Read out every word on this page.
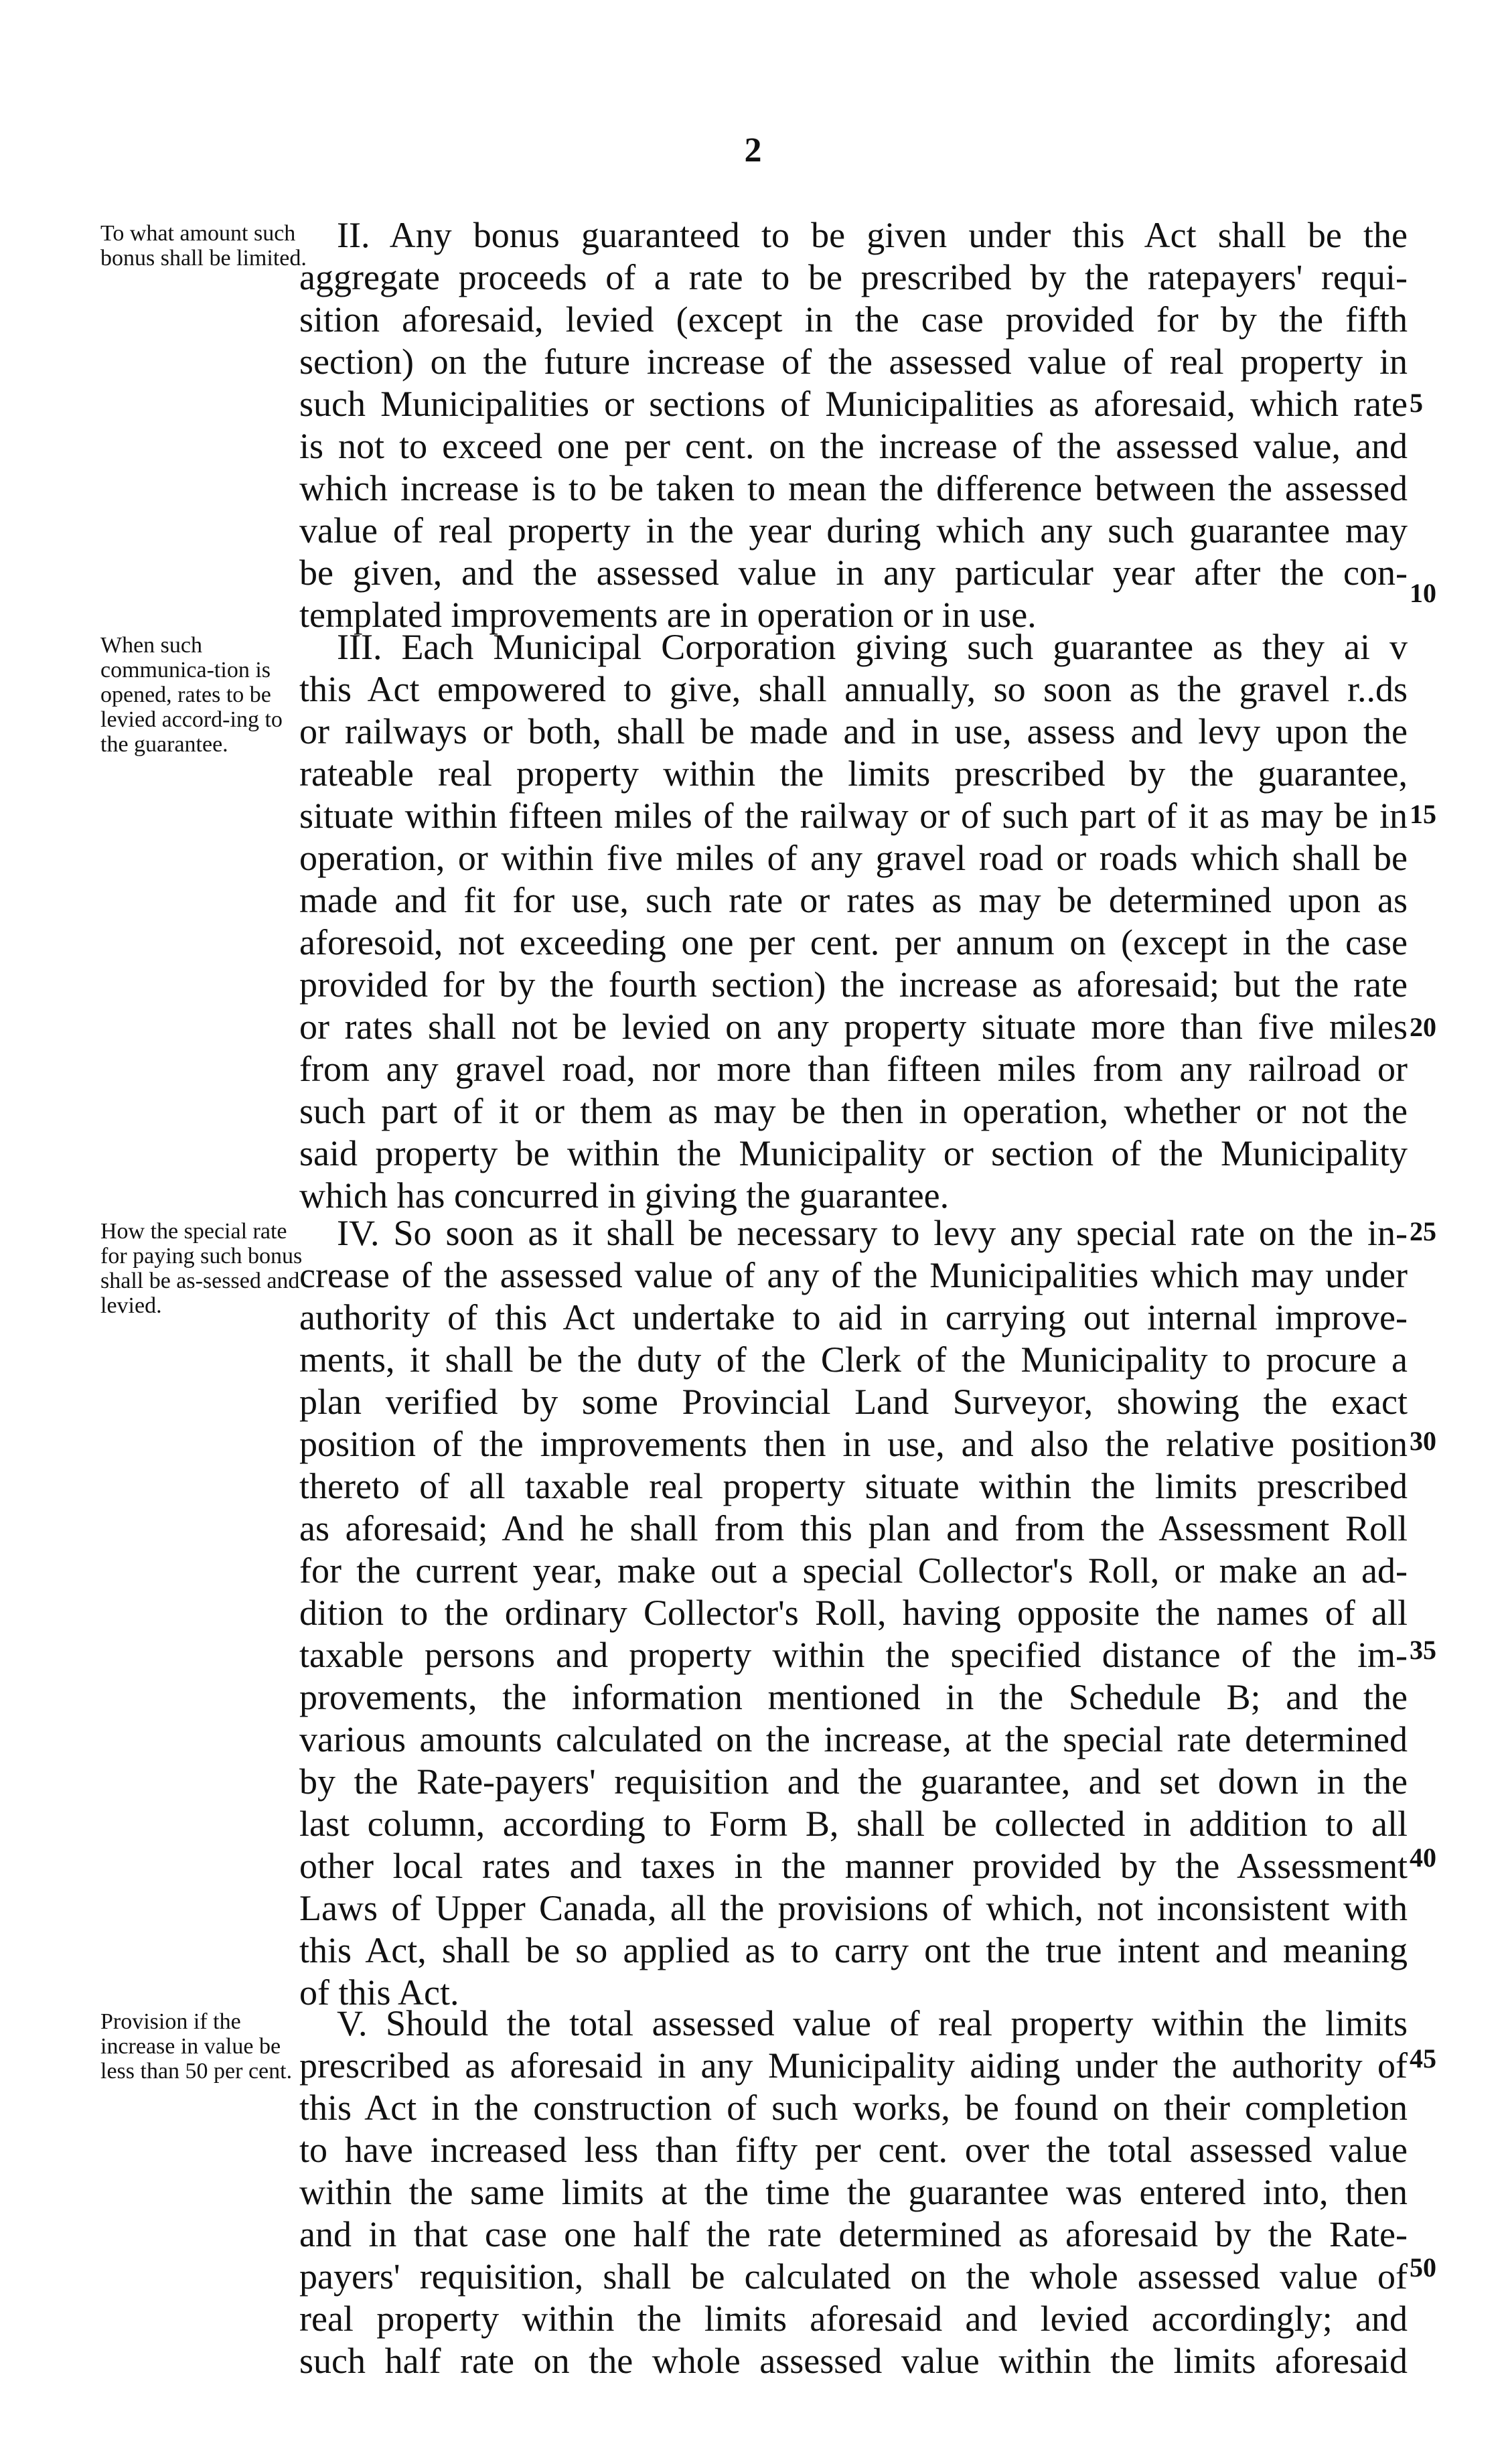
2
To what amount such bonus shall be limited.
II. Any bonus guaranteed to be given under this Act shall be the
aggregate proceeds of a rate to be prescribed by the ratepayers' requi-
sition aforesaid, levied (except in the case provided for by the fifth
section) on the future increase of the assessed value of real property in
such Municipalities or sections of Municipalities as aforesaid, which rate
is not to exceed one per cent. on the increase of the assessed value, and
which increase is to be taken to mean the difference between the assessed
value of real property in the year during which any such guarantee may
be given, and the assessed value in any particular year after the con-
templated improvements are in operation or in use.
When such communica-tion is opened, rates to be levied accord-ing to the guarantee.
III. Each Municipal Corporation giving such guarantee as they ai v
this Act empowered to give, shall annually, so soon as the gravel r..ds
or railways or both, shall be made and in use, assess and levy upon the
rateable real property within the limits prescribed by the guarantee,
situate within fifteen miles of the railway or of such part of it as may be in
operation, or within five miles of any gravel road or roads which shall be
made and fit for use, such rate or rates as may be determined upon as
aforesoid, not exceeding one per cent. per annum on (except in the case
provided for by the fourth section) the increase as aforesaid; but the rate
or rates shall not be levied on any property situate more than five miles
from any gravel road, nor more than fifteen miles from any railroad or
such part of it or them as may be then in operation, whether or not the
said property be within the Municipality or section of the Municipality
which has concurred in giving the guarantee.
How the special rate for paying such bonus shall be as-sessed and levied.
IV. So soon as it shall be necessary to levy any special rate on the in-
crease of the assessed value of any of the Municipalities which may under
authority of this Act undertake to aid in carrying out internal improve-
ments, it shall be the duty of the Clerk of the Municipality to procure a
plan verified by some Provincial Land Surveyor, showing the exact
position of the improvements then in use, and also the relative position
thereto of all taxable real property situate within the limits prescribed
as aforesaid; And he shall from this plan and from the Assessment Roll
for the current year, make out a special Collector's Roll, or make an ad-
dition to the ordinary Collector's Roll, having opposite the names of all
taxable persons and property within the specified distance of the im-
provements, the information mentioned in the Schedule B; and the
various amounts calculated on the increase, at the special rate determined
by the Rate-payers' requisition and the guarantee, and set down in the
last column, according to Form B, shall be collected in addition to all
other local rates and taxes in the manner provided by the Assessment
Laws of Upper Canada, all the provisions of which, not inconsistent with
this Act, shall be so applied as to carry ont the true intent and meaning
of this Act.
Provision if the increase in value be less than 50 per cent.
V. Should the total assessed value of real property within the limits
prescribed as aforesaid in any Municipality aiding under the authority of
this Act in the construction of such works, be found on their completion
to have increased less than fifty per cent. over the total assessed value
within the same limits at the time the guarantee was entered into, then
and in that case one half the rate determined as aforesaid by the Rate-
payers' requisition, shall be calculated on the whole assessed value of
real property within the limits aforesaid and levied accordingly; and
such half rate on the whole assessed value within the limits aforesaid
5
10
15
20
25
30
35
40
45
50
